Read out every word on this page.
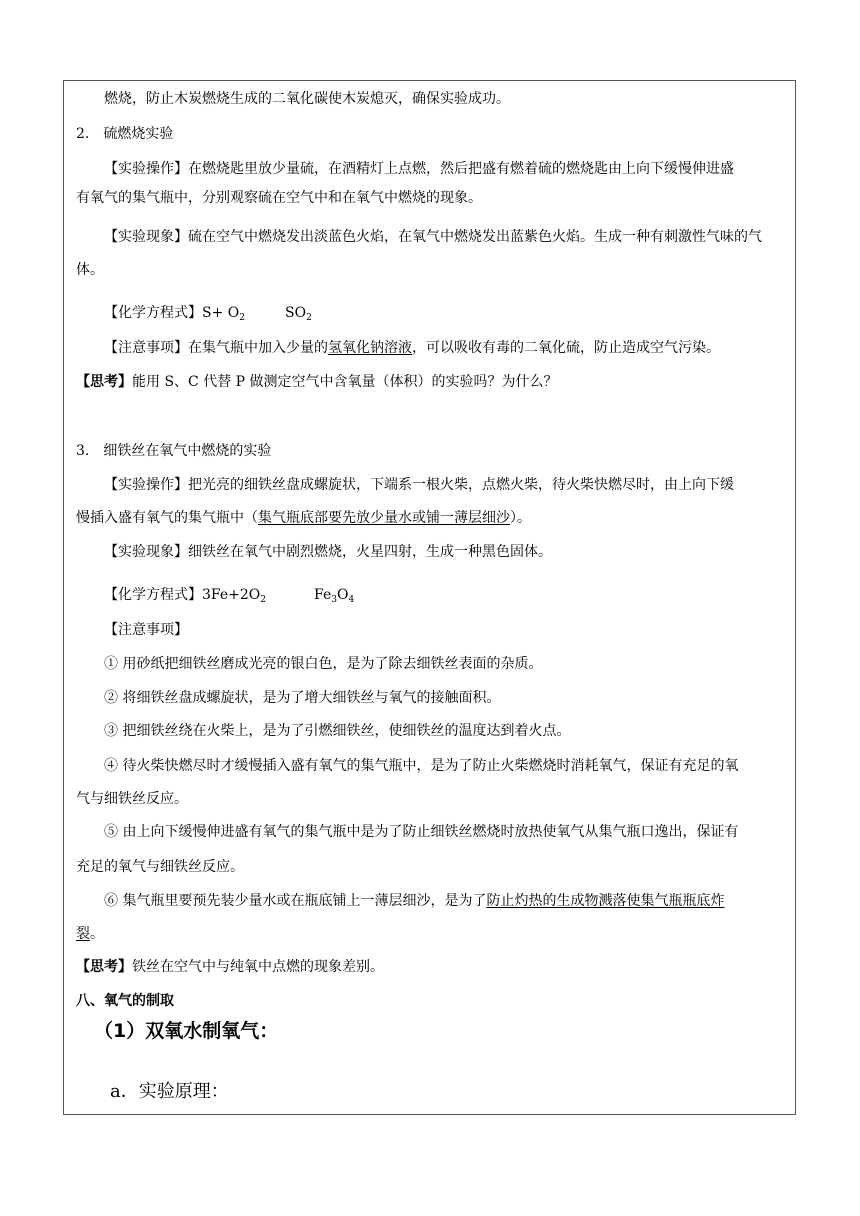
燃烧，防止木炭燃烧生成的二氧化碳使木炭熄灭，确保实验成功。
2. 硫燃烧实验
【实验操作】在燃烧匙里放少量硫，在酒精灯上点燃，然后把盛有燃着硫的燃烧匙由上向下缓慢伸进盛
有氧气的集气瓶中，分别观察硫在空气中和在氧气中燃烧的现象。
【实验现象】硫在空气中燃烧发出淡蓝色火焰，在氧气中燃烧发出蓝紫色火焰。生成一种有刺激性气味的气
体。
【化学方程式】$S+ O_2$	$SO_2$
【注意事项】在集气瓶中加入少量的氢氧化钠溶液，可以吸收有毒的二氧化硫，防止造成空气污染。
【思考】能用 S、C 代替 P 做测定空气中含氧量（体积）的实验吗？为什么？
3. 细铁丝在氧气中燃烧的实验
【实验操作】把光亮的细铁丝盘成螺旋状，下端系一根火柴，点燃火柴，待火柴快燃尽时，由上向下缓
慢插入盛有氧气的集气瓶中（集气瓶底部要先放少量水或铺一薄层细沙）。
【实验现象】细铁丝在氧气中剧烈燃烧，火星四射，生成一种黑色固体。
【化学方程式】$3Fe+2O_2$	$Fe_3O_4$
【注意事项】
① 用砂纸把细铁丝磨成光亮的银白色，是为了除去细铁丝表面的杂质。
② 将细铁丝盘成螺旋状，是为了增大细铁丝与氧气的接触面积。
③ 把细铁丝绕在火柴上，是为了引燃细铁丝，使细铁丝的温度达到着火点。
④ 待火柴快燃尽时才缓慢插入盛有氧气的集气瓶中，是为了防止火柴燃烧时消耗氧气，保证有充足的氧
气与细铁丝反应。
⑤ 由上向下缓慢伸进盛有氧气的集气瓶中是为了防止细铁丝燃烧时放热使氧气从集气瓶口逸出，保证有
充足的氧气与细铁丝反应。
⑥ 集气瓶里要预先装少量水或在瓶底铺上一薄层细沙，是为了防止灼热的生成物溅落使集气瓶瓶底炸
裂。
【思考】铁丝在空气中与纯氧中点燃的现象差别。
八、氧气的制取
（1）双氧水制氧气：
a．实验原理：
